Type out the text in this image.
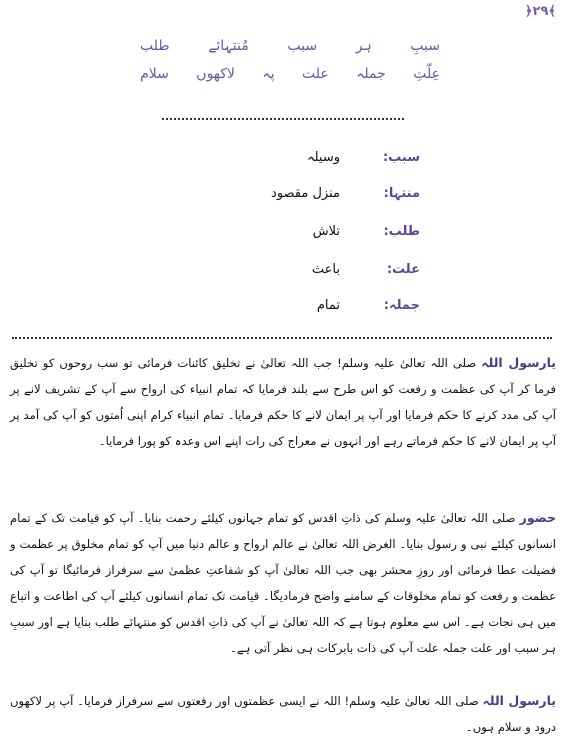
﴿۲۹﴾
سببِ
ہر
سبب
مُنتہائے
طلب
عِلّتِ
جملہ
علت
پہ
لاکھوں
سلام
سبب:
وسیلہ
منتہا:
منزل مقصود
طلب:
تلاش
علت:
باعث
جملہ:
تمام
یارسول اللہ صلی اللہ تعالیٰ علیہ وسلم! جب اللہ تعالیٰ نے تخلیق کائنات فرمائی تو سب روحوں کو تخلیق فرما کر آپ کی عظمت و رفعت کو اس طرح سے بلند فرمایا کہ تمام انبیاء کی ارواح سے آپ کے تشریف لانے پر آپ کی مدد کرنے کا حکم فرمایا اور آپ پر ایمان لانے کا حکم فرمایا۔ تمام انبیاء کرام اپنی اُمتوں کو آپ کی آمد پر آپ پر ایمان لانے کا حکم فرماتے رہے اور انہوں نے معراج کی رات اپنے اس وعدہ کو پورا فرمایا۔
حضور صلی اللہ تعالیٰ علیہ وسلم کی ذاتِ اقدس کو تمام جہانوں کیلئے رحمت بنایا۔ آپ کو قیامت تک کے تمام انسانوں کیلئے نبی و رسول بنایا۔ الغرض اللہ تعالیٰ نے عالم ارواح و عالم دنیا میں آپ کو تمام مخلوق پر عظمت و فضیلت عطا فرمائی اور روزِ محشر بھی جب اللہ تعالیٰ آپ کو شفاعتِ عظمیٰ سے سرفراز فرمائیگا تو آپ کی عظمت و رفعت کو تمام مخلوقات کے سامنے واضح فرمادیگا۔ قیامت تک تمام انسانوں کیلئے آپ کی اطاعت و اتباع میں ہی نجات ہے۔ اس سے معلوم ہوتا ہے کہ اللہ تعالیٰ نے آپ کی ذاتِ اقدس کو منتہائے طلب بنایا ہے اور سببِ ہر سبب اور علت جملہ علت آپ کی ذات بابرکات ہی نظر آتی ہے۔
یارسول اللہ صلی اللہ تعالیٰ علیہ وسلم! اللہ نے ایسی عظمتوں اور رفعتوں سے سرفراز فرمایا۔ آپ پر لاکھوں درود و سلام ہوں۔
